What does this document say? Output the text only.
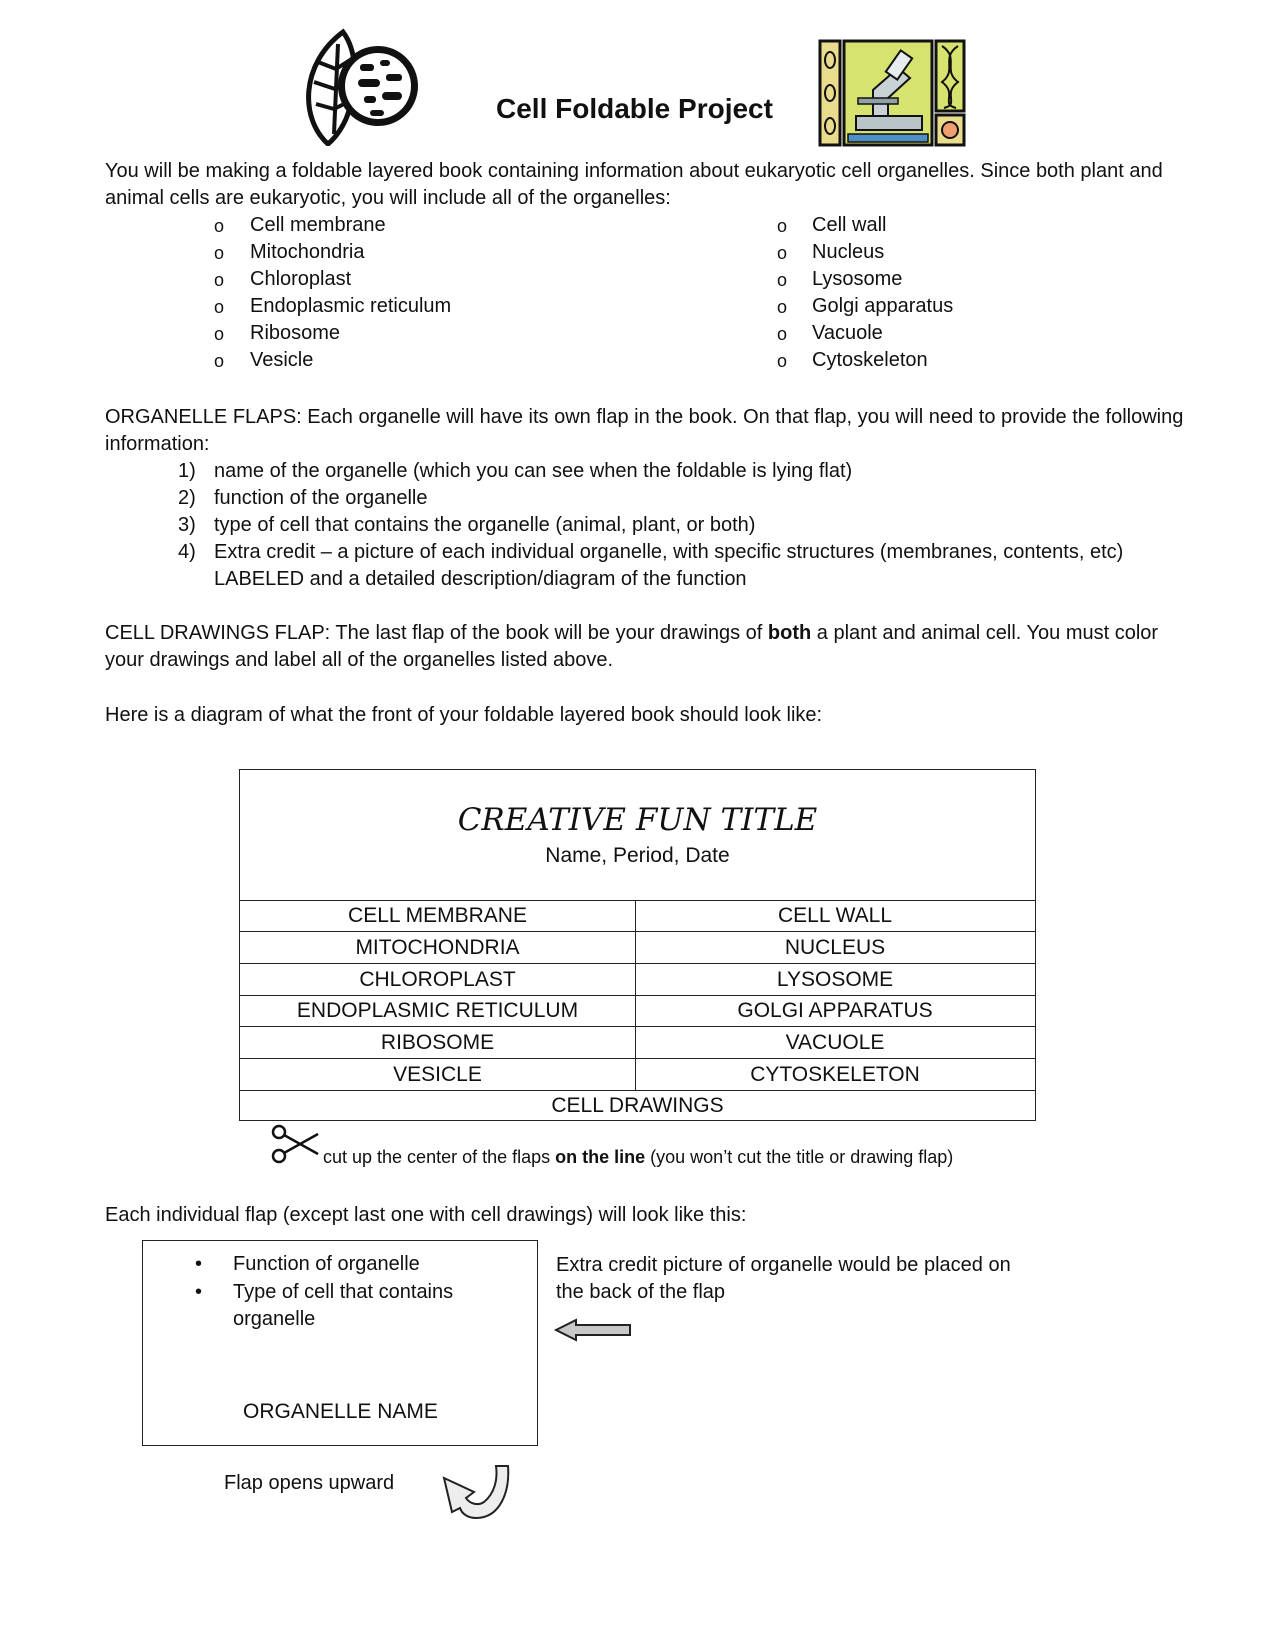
Cell Foldable Project
You will be making a foldable layered book containing information about eukaryotic cell organelles. Since both plant and animal cells are eukaryotic, you will include all of the organelles:
o Cell membrane
o Mitochondria
o Chloroplast
o Endoplasmic reticulum
o Ribosome
o Vesicle
o Cell wall
o Nucleus
o Lysosome
o Golgi apparatus
o Vacuole
o Cytoskeleton
ORGANELLE FLAPS: Each organelle will have its own flap in the book. On that flap, you will need to provide the following information:
1) name of the organelle (which you can see when the foldable is lying flat)
2) function of the organelle
3) type of cell that contains the organelle (animal, plant, or both)
4) Extra credit – a picture of each individual organelle, with specific structures (membranes, contents, etc) LABELED and a detailed description/diagram of the function
CELL DRAWINGS FLAP: The last flap of the book will be your drawings of both a plant and animal cell. You must color your drawings and label all of the organelles listed above.
Here is a diagram of what the front of your foldable layered book should look like:
CREATIVE FUN TITLE
Name, Period, Date
CELL MEMBRANE	CELL WALL
MITOCHONDRIA	NUCLEUS
CHLOROPLAST	LYSOSOME
ENDOPLASMIC RETICULUM	GOLGI APPARATUS
RIBOSOME	VACUOLE
VESICLE	CYTOSKELETON
CELL DRAWINGS
cut up the center of the flaps on the line (you won’t cut the title or drawing flap)
Each individual flap (except last one with cell drawings) will look like this:
• Function of organelle
• Type of cell that contains organelle
ORGANELLE NAME
Extra credit picture of organelle would be placed on the back of the flap
Flap opens upward
